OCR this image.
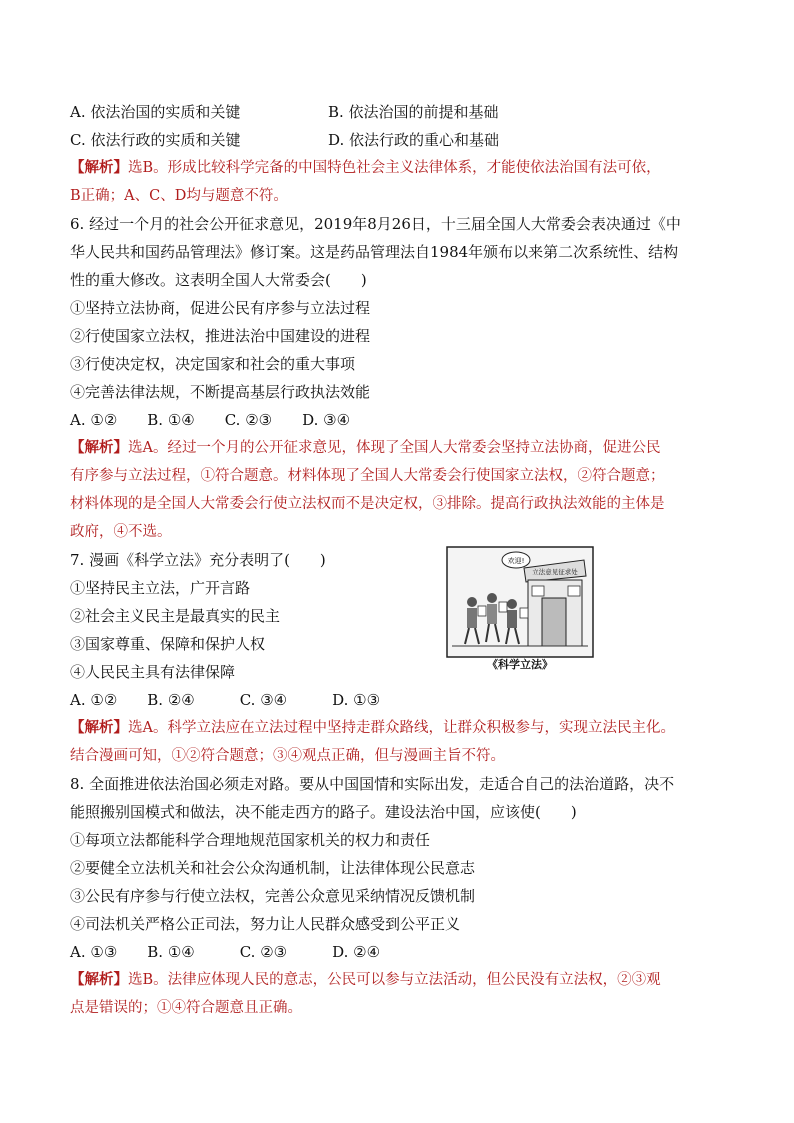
A. 依法治国的实质和关键	B. 依法治国的前提和基础
C. 依法行政的实质和关键	D. 依法行政的重心和基础
【解析】选B。形成比较科学完备的中国特色社会主义法律体系，才能使依法治国有法可依，
B正确；A、C、D均与题意不符。
6. 经过一个月的社会公开征求意见，2019年8月26日，十三届全国人大常委会表决通过《中
华人民共和国药品管理法》修订案。这是药品管理法自1984年颁布以来第二次系统性、结构
性的重大修改。这表明全国人大常委会(　　)
①坚持立法协商，促进公民有序参与立法过程
②行使国家立法权，推进法治中国建设的进程
③行使决定权，决定国家和社会的重大事项
④完善法律法规，不断提高基层行政执法效能
A. ①②　　B. ①④　　C. ②③　　D. ③④
【解析】选A。经过一个月的公开征求意见，体现了全国人大常委会坚持立法协商，促进公民
有序参与立法过程，①符合题意。材料体现了全国人大常委会行使国家立法权，②符合题意；
材料体现的是全国人大常委会行使立法权而不是决定权，③排除。提高行政执法效能的主体是
政府，④不选。
7. 漫画《科学立法》充分表明了(　　)
①坚持民主立法，广开言路
②社会主义民主是最真实的民主
③国家尊重、保障和保护人权
④人民民主具有法律保障
A. ①②　　B. ②④　　　C. ③④　　　D. ①③
立法意见征求处
欢迎!
《科学立法》
【解析】选A。科学立法应在立法过程中坚持走群众路线，让群众积极参与，实现立法民主化。
结合漫画可知，①②符合题意；③④观点正确，但与漫画主旨不符。
8. 全面推进依法治国必须走对路。要从中国国情和实际出发，走适合自己的法治道路，决不
能照搬别国模式和做法，决不能走西方的路子。建设法治中国，应该使(　　)
①每项立法都能科学合理地规范国家机关的权力和责任
②要健全立法机关和社会公众沟通机制，让法律体现公民意志
③公民有序参与行使立法权，完善公众意见采纳情况反馈机制
④司法机关严格公正司法，努力让人民群众感受到公平正义
A. ①③　　B. ①④　　　C. ②③　　　D. ②④
【解析】选B。法律应体现人民的意志，公民可以参与立法活动，但公民没有立法权，②③观
点是错误的；①④符合题意且正确。
